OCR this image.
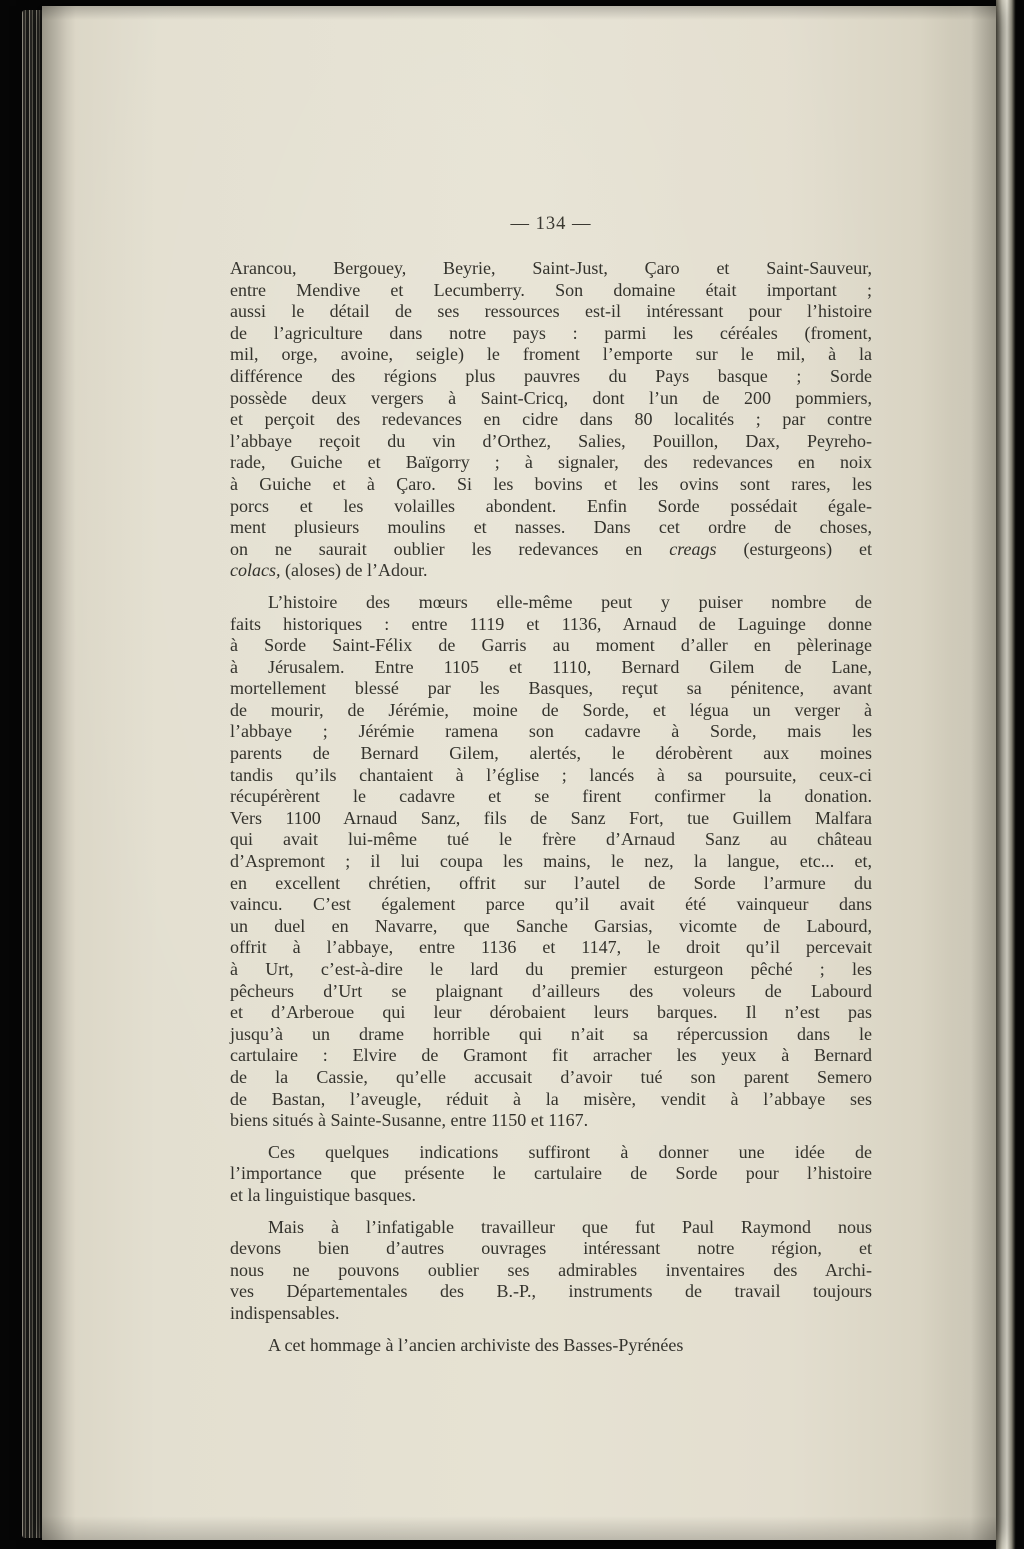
— 134 —
Arancou, Bergouey, Beyrie, Saint-Just, Çaro et Saint-Sauveur,
entre Mendive et Lecumberry. Son domaine était important ;
aussi le détail de ses ressources est-il intéressant pour l’histoire
de l’agriculture dans notre pays : parmi les céréales (froment,
mil, orge, avoine, seigle) le froment l’emporte sur le mil, à la
différence des régions plus pauvres du Pays basque ; Sorde
possède deux vergers à Saint-Cricq, dont l’un de 200 pommiers,
et perçoit des redevances en cidre dans 80 localités ; par contre
l’abbaye reçoit du vin d’Orthez, Salies, Pouillon, Dax, Peyreho-
rade, Guiche et Baïgorry ; à signaler, des redevances en noix
à Guiche et à Çaro. Si les bovins et les ovins sont rares, les
porcs et les volailles abondent. Enfin Sorde possédait égale-
ment plusieurs moulins et nasses. Dans cet ordre de choses,
on ne saurait oublier les redevances en creags (esturgeons) et
colacs, (aloses) de l’Adour.
L’histoire des mœurs elle-même peut y puiser nombre de
faits historiques : entre 1119 et 1136, Arnaud de Laguinge donne
à Sorde Saint-Félix de Garris au moment d’aller en pèlerinage
à Jérusalem. Entre 1105 et 1110, Bernard Gilem de Lane,
mortellement blessé par les Basques, reçut sa pénitence, avant
de mourir, de Jérémie, moine de Sorde, et légua un verger à
l’abbaye ; Jérémie ramena son cadavre à Sorde, mais les
parents de Bernard Gilem, alertés, le dérobèrent aux moines
tandis qu’ils chantaient à l’église ; lancés à sa poursuite, ceux-ci
récupérèrent le cadavre et se firent confirmer la donation.
Vers 1100 Arnaud Sanz, fils de Sanz Fort, tue Guillem Malfara
qui avait lui-même tué le frère d’Arnaud Sanz au château
d’Aspremont ; il lui coupa les mains, le nez, la langue, etc... et,
en excellent chrétien, offrit sur l’autel de Sorde l’armure du
vaincu. C’est également parce qu’il avait été vainqueur dans
un duel en Navarre, que Sanche Garsias, vicomte de Labourd,
offrit à l’abbaye, entre 1136 et 1147, le droit qu’il percevait
à Urt, c’est-à-dire le lard du premier esturgeon pêché ; les
pêcheurs d’Urt se plaignant d’ailleurs des voleurs de Labourd
et d’Arberoue qui leur dérobaient leurs barques. Il n’est pas
jusqu’à un drame horrible qui n’ait sa répercussion dans le
cartulaire : Elvire de Gramont fit arracher les yeux à Bernard
de la Cassie, qu’elle accusait d’avoir tué son parent Semero
de Bastan, l’aveugle, réduit à la misère, vendit à l’abbaye ses
biens situés à Sainte-Susanne, entre 1150 et 1167.
Ces quelques indications suffiront à donner une idée de
l’importance que présente le cartulaire de Sorde pour l’histoire
et la linguistique basques.
Mais à l’infatigable travailleur que fut Paul Raymond nous
devons bien d’autres ouvrages intéressant notre région, et
nous ne pouvons oublier ses admirables inventaires des Archi-
ves Départementales des B.-P., instruments de travail toujours
indispensables.
A cet hommage à l’ancien archiviste des Basses-Pyrénées
